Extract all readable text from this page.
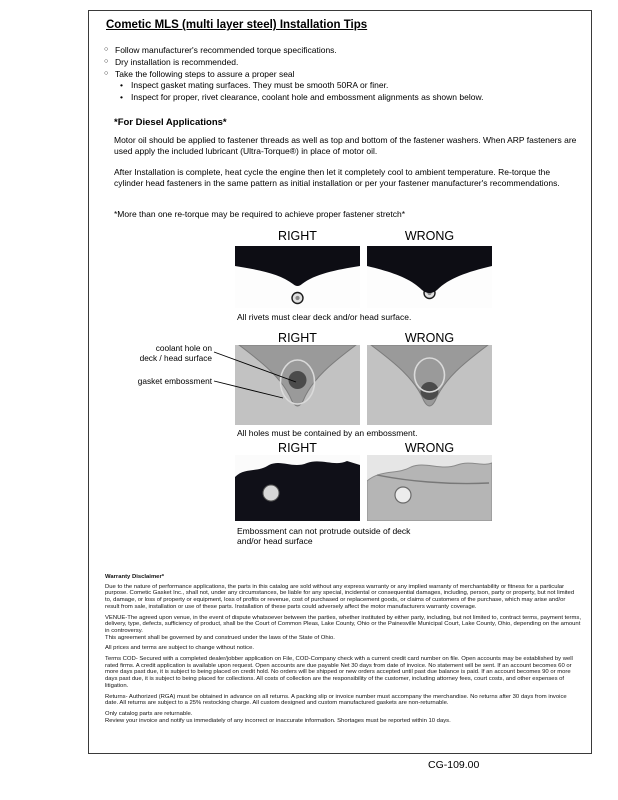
Cometic MLS (multi layer steel) Installation Tips
○ Follow manufacturer's recommended torque specifications.
○ Dry installation is recommended.
○ Take the following steps to assure a proper seal
• Inspect gasket mating surfaces. They must be smooth 50RA or finer.
• Inspect for proper, rivet clearance, coolant hole and embossment alignments as shown below.
*For Diesel Applications*
Motor oil should be applied to fastener threads as well as top and bottom of the fastener washers. When ARP fasteners are used apply the included lubricant (Ultra-Torque®) in place of motor oil.
After Installation is complete, heat cycle the engine then let it completely cool to ambient temperature. Re-torque the cylinder head fasteners in the same pattern as initial installation or per your fastener manufacturer's recommendations.
*More than one re-torque may be required to achieve proper fastener stretch*
RIGHT	WRONG
All rivets must clear deck and/or head surface.
RIGHT	WRONG
coolant hole on
deck / head surface
gasket embossment
All holes must be contained by an embossment.
RIGHT	WRONG
Embossment can not protrude outside of deck
and/or head surface
Warranty Disclaimer*
Due to the nature of performance applications, the parts in this catalog are sold without any express warranty or any implied warranty of merchantability or fitness for a particular purpose. Cometic Gasket Inc., shall not, under any circumstances, be liable for any special, incidental or consequential damages, including, person, party or property, but not limited to, damage, or loss of property or equipment, loss of profits or revenue, cost of purchased or replacement goods, or claims of customers of the purchase, which may arise and/or result from sale, installation or use of these parts. Installation of these parts could adversely affect the motor manufacturers warranty coverage.
VENUE-The agreed upon venue, in the event of dispute whatsoever between the parties, whether instituted by either party, including, but not limited to, contract terms, payment terms, delivery, type, defects, sufficiency of product, shall be the Court of Common Pleas, Lake County, Ohio or the Painesville Municipal Court, Lake County, Ohio, depending on the amount in controversy.
This agreement shall be governed by and construed under the laws of the State of Ohio.
All prices and terms are subject to change without notice.
Terms COD- Secured with a completed dealer/jobber application on File, COD-Company check with a current credit card number on file. Open accounts may be established by well rated firms. A credit application is available upon request. Open accounts are due payable Net 30 days from date of invoice. No statement will be sent. If an account becomes 60 or more days past due, it is subject to being placed on credit hold. No orders will be shipped or new orders accepted until past due balance is paid. If an account becomes 90 or more days past due, it is subject to being placed for collections. All costs of collection are the responsibility of the customer, including attorney fees, court costs, and other expenses of litigation.
Returns- Authorized (RGA) must be obtained in advance on all returns. A packing slip or invoice number must accompany the merchandise. No returns after 30 days from invoice date. All returns are subject to a 25% restocking charge. All custom designed and custom manufactured gaskets are non-returnable.
Only catalog parts are returnable.
Review your invoice and notify us immediately of any incorrect or inaccurate information. Shortages must be reported within 10 days.
CG-109.00
